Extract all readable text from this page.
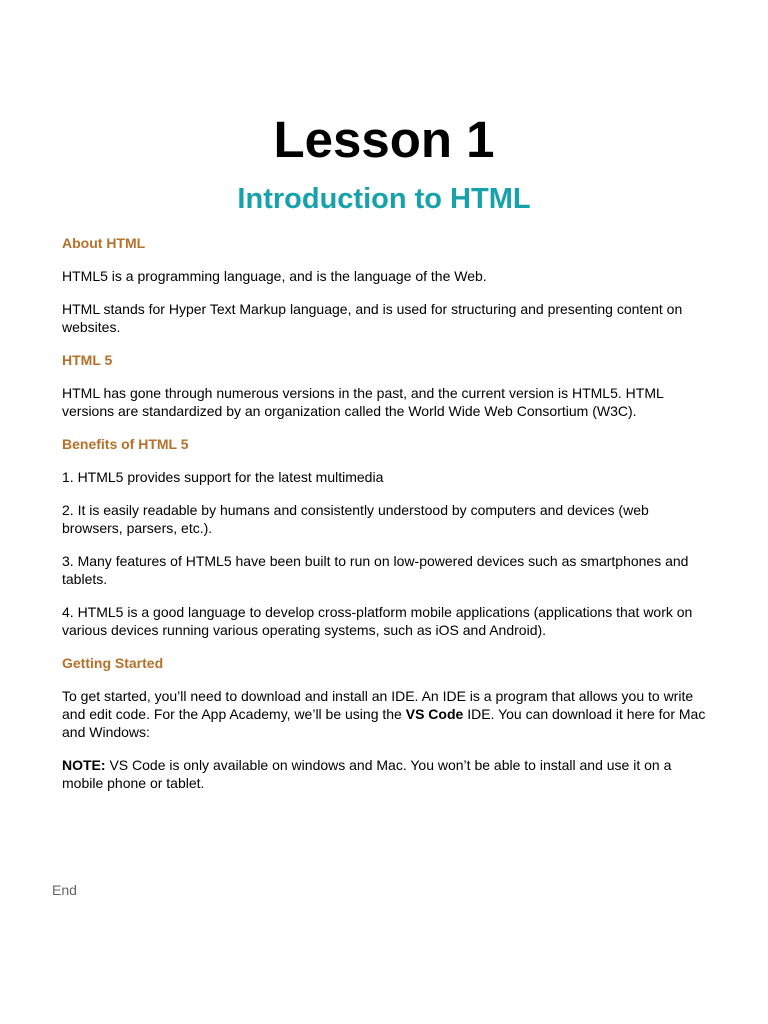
Lesson 1
Introduction to HTML

About HTML

HTML5 is a programming language, and is the language of the Web.

HTML stands for Hyper Text Markup language, and is used for structuring and presenting content on websites.

HTML 5

HTML has gone through numerous versions in the past, and the current version is HTML5. HTML versions are standardized by an organization called the World Wide Web Consortium (W3C).

Benefits of HTML 5

1. HTML5 provides support for the latest multimedia

2. It is easily readable by humans and consistently understood by computers and devices (web browsers, parsers, etc.).

3. Many features of HTML5 have been built to run on low-powered devices such as smartphones and tablets.

4. HTML5 is a good language to develop cross-platform mobile applications (applications that work on various devices running various operating systems, such as iOS and Android).

Getting Started

To get started, you’ll need to download and install an IDE. An IDE is a program that allows you to write and edit code. For the App Academy, we’ll be using the VS Code IDE. You can download it here for Mac and Windows:

NOTE: VS Code is only available on windows and Mac. You won’t be able to install and use it on a mobile phone or tablet.

End
